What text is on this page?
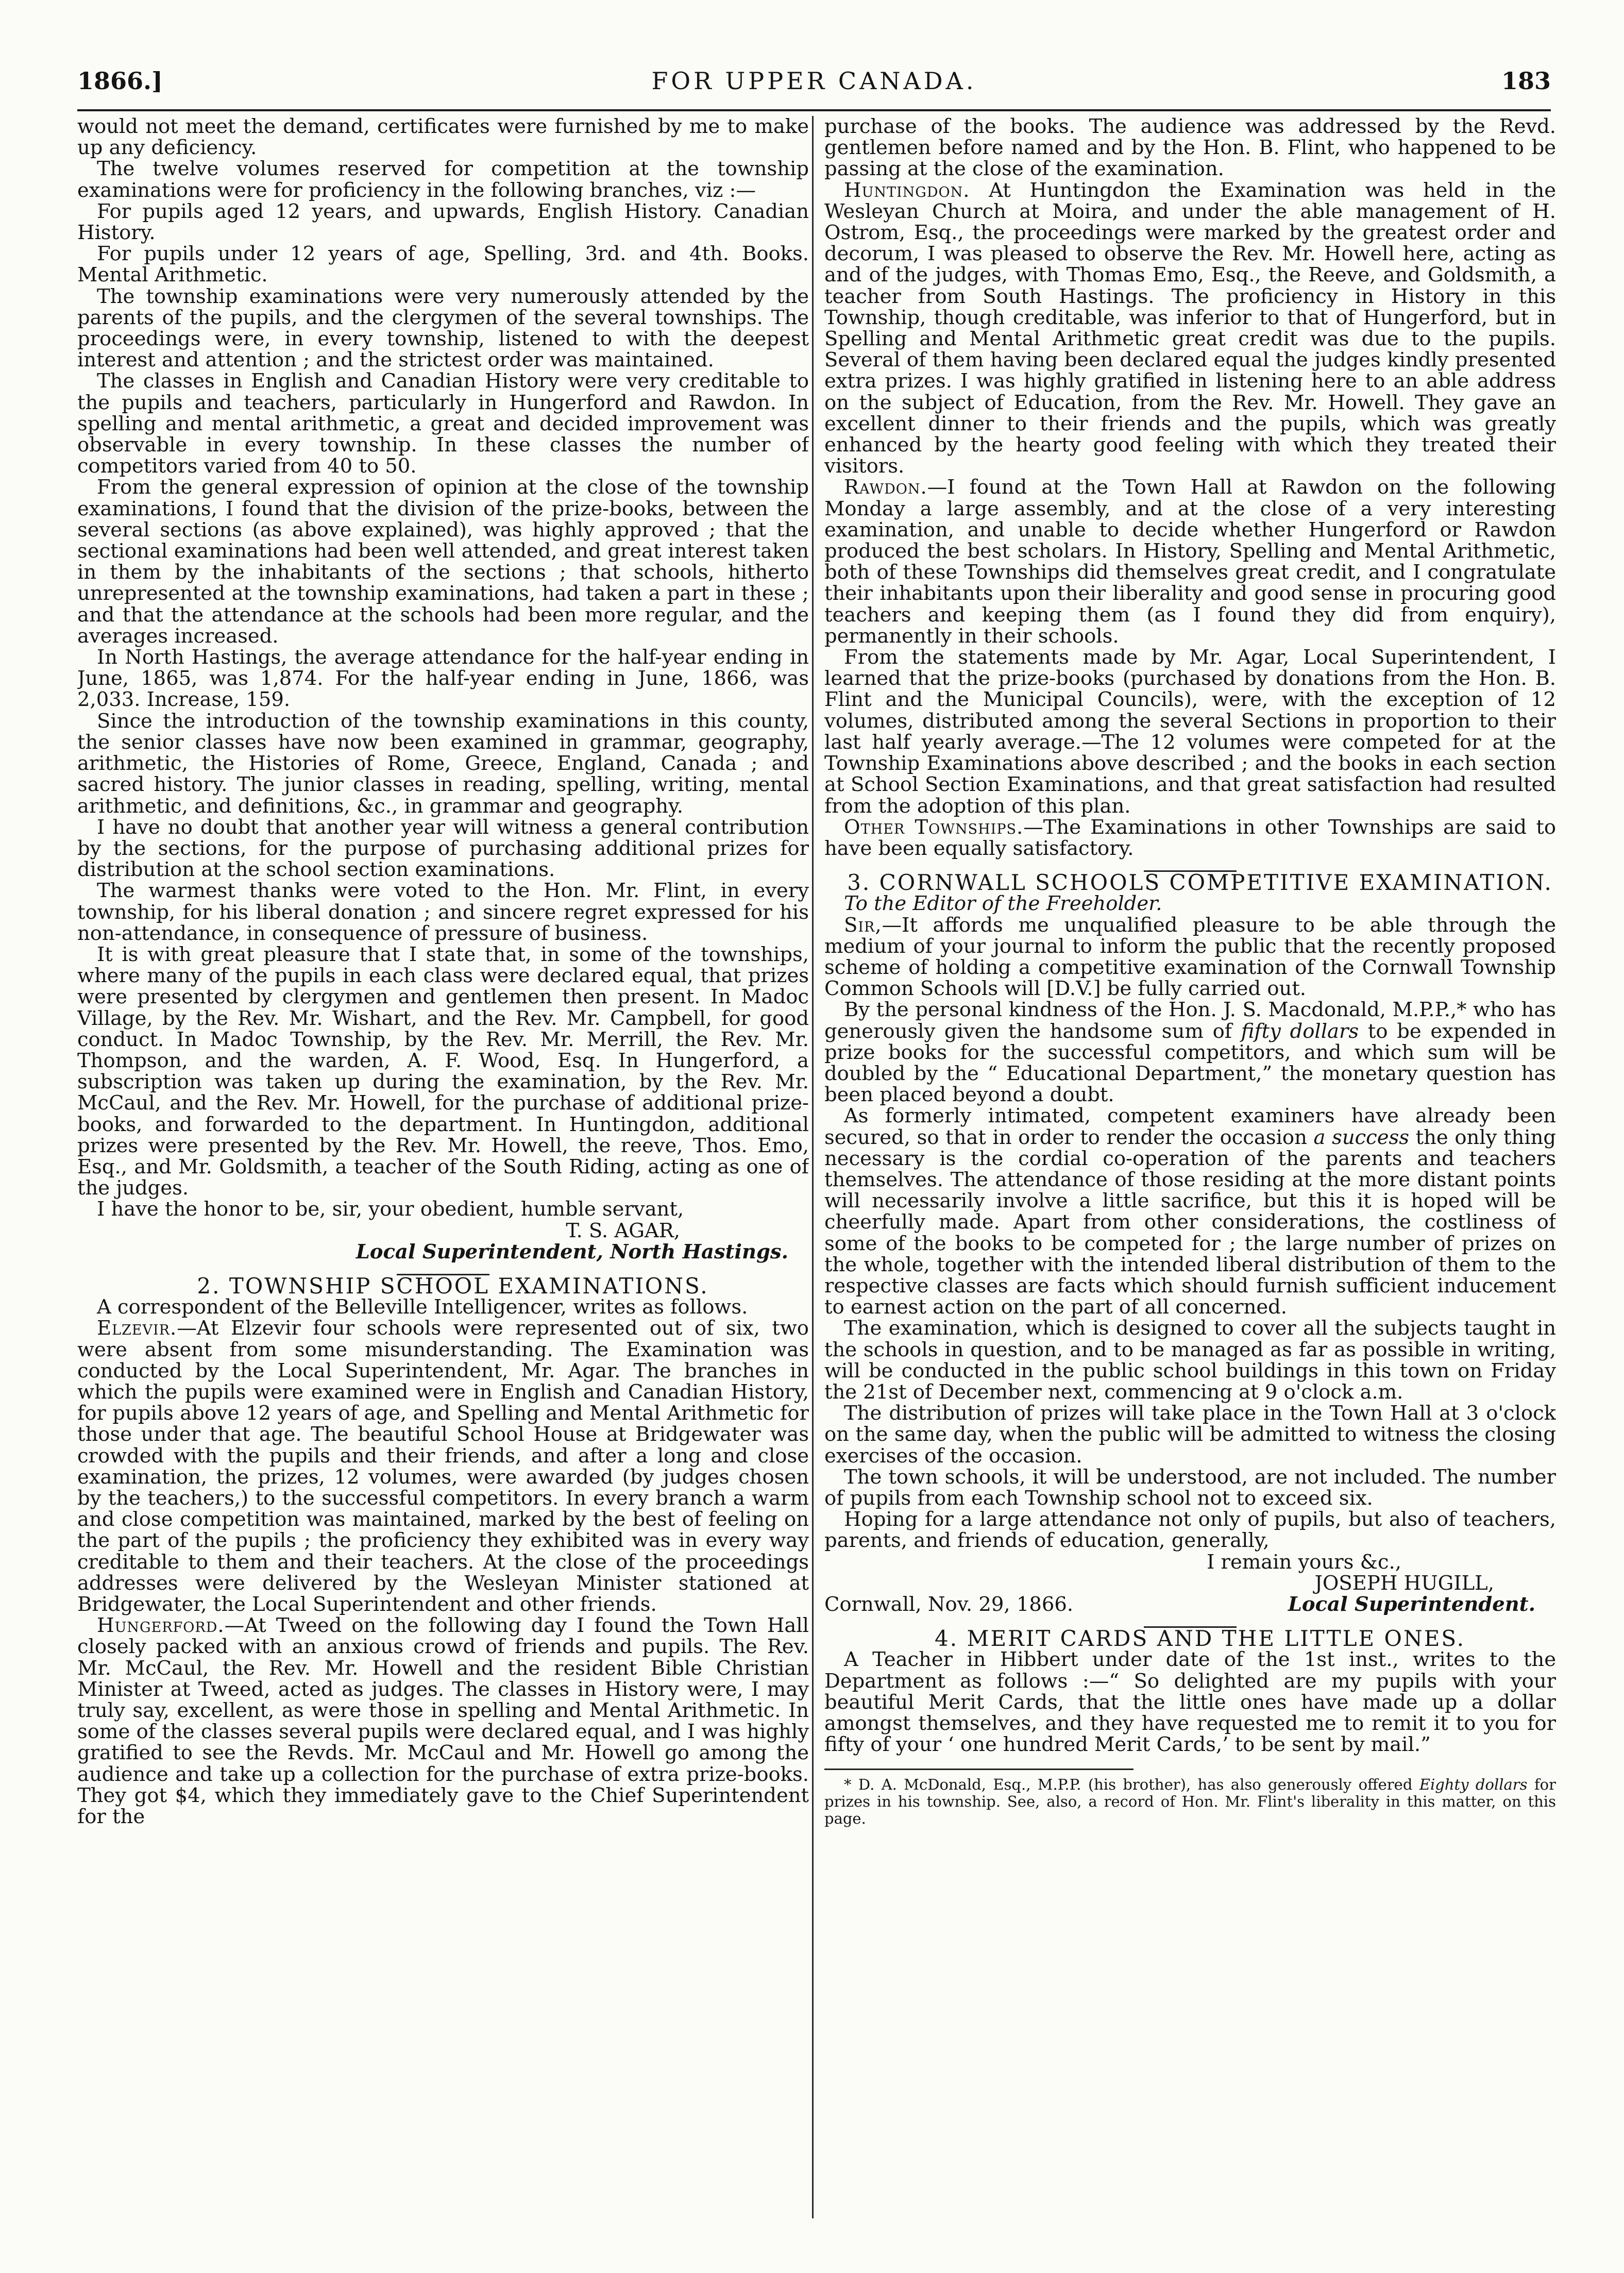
1866.]	FOR UPPER CANADA.	183

would not meet the demand, certificates were furnished by me to make up any deficiency.

The twelve volumes reserved for competition at the township examinations were for proficiency in the following branches, viz :—

For pupils aged 12 years, and upwards, English History. Canadian History.

For pupils under 12 years of age, Spelling, 3rd. and 4th. Books. Mental Arithmetic.

The township examinations were very numerously attended by the parents of the pupils, and the clergymen of the several townships. The proceedings were, in every township, listened to with the deepest interest and attention ; and the strictest order was maintained.

The classes in English and Canadian History were very creditable to the pupils and teachers, particularly in Hungerford and Rawdon. In spelling and mental arithmetic, a great and decided improvement was observable in every township. In these classes the number of competitors varied from 40 to 50.

From the general expression of opinion at the close of the township examinations, I found that the division of the prize-books, between the several sections (as above explained), was highly approved ; that the sectional examinations had been well attended, and great interest taken in them by the inhabitants of the sections ; that schools, hitherto unrepresented at the township examinations, had taken a part in these ; and that the attendance at the schools had been more regular, and the averages increased.

In North Hastings, the average attendance for the half-year ending in June, 1865, was 1,874. For the half-year ending in June, 1866, was 2,033. Increase, 159.

Since the introduction of the township examinations in this county, the senior classes have now been examined in grammar, geography, arithmetic, the Histories of Rome, Greece, England, Canada ; and sacred history. The junior classes in reading, spelling, writing, mental arithmetic, and definitions, &c., in grammar and geography.

I have no doubt that another year will witness a general contribution by the sections, for the purpose of purchasing additional prizes for distribution at the school section examinations.

The warmest thanks were voted to the Hon. Mr. Flint, in every township, for his liberal donation ; and sincere regret expressed for his non-attendance, in consequence of pressure of business.

It is with great pleasure that I state that, in some of the townships, where many of the pupils in each class were declared equal, that prizes were presented by clergymen and gentlemen then present. In Madoc Village, by the Rev. Mr. Wishart, and the Rev. Mr. Campbell, for good conduct. In Madoc Township, by the Rev. Mr. Merrill, the Rev. Mr. Thompson, and the warden, A. F. Wood, Esq. In Hungerford, a subscription was taken up during the examination, by the Rev. Mr. McCaul, and the Rev. Mr. Howell, for the purchase of additional prize-books, and forwarded to the department. In Huntingdon, additional prizes were presented by the Rev. Mr. Howell, the reeve, Thos. Emo, Esq., and Mr. Goldsmith, a teacher of the South Riding, acting as one of the judges.

I have the honor to be, sir, your obedient, humble servant,

T. S. AGAR,

Local Superintendent, North Hastings.

2. TOWNSHIP SCHOOL EXAMINATIONS.

A correspondent of the Belleville Intelligencer, writes as follows.

Elzevir.—At Elzevir four schools were represented out of six, two were absent from some misunderstanding. The Examination was conducted by the Local Superintendent, Mr. Agar. The branches in which the pupils were examined were in English and Canadian History, for pupils above 12 years of age, and Spelling and Mental Arithmetic for those under that age. The beautiful School House at Bridgewater was crowded with the pupils and their friends, and after a long and close examination, the prizes, 12 volumes, were awarded (by judges chosen by the teachers,) to the successful competitors. In every branch a warm and close competition was maintained, marked by the best of feeling on the part of the pupils ; the proficiency they exhibited was in every way creditable to them and their teachers. At the close of the proceedings addresses were delivered by the Wesleyan Minister stationed at Bridgewater, the Local Superintendent and other friends.

Hungerford.—At Tweed on the following day I found the Town Hall closely packed with an anxious crowd of friends and pupils. The Rev. Mr. McCaul, the Rev. Mr. Howell and the resident Bible Christian Minister at Tweed, acted as judges. The classes in History were, I may truly say, excellent, as were those in spelling and Mental Arithmetic. In some of the classes several pupils were declared equal, and I was highly gratified to see the Revds. Mr. McCaul and Mr. Howell go among the audience and take up a collection for the purchase of extra prize-books. They got $4, which they immediately gave to the Chief Superintendent for the

purchase of the books. The audience was addressed by the Revd. gentlemen before named and by the Hon. B. Flint, who happened to be passing at the close of the examination.

Huntingdon. At Huntingdon the Examination was held in the Wesleyan Church at Moira, and under the able management of H. Ostrom, Esq., the proceedings were marked by the greatest order and decorum, I was pleased to observe the Rev. Mr. Howell here, acting as and of the judges, with Thomas Emo, Esq., the Reeve, and Goldsmith, a teacher from South Hastings. The proficiency in History in this Township, though creditable, was inferior to that of Hungerford, but in Spelling and Mental Arithmetic great credit was due to the pupils. Several of them having been declared equal the judges kindly presented extra prizes. I was highly gratified in listening here to an able address on the subject of Education, from the Rev. Mr. Howell. They gave an excellent dinner to their friends and the pupils, which was greatly enhanced by the hearty good feeling with which they treated their visitors.

Rawdon.—I found at the Town Hall at Rawdon on the following Monday a large assembly, and at the close of a very interesting examination, and unable to decide whether Hungerford or Rawdon produced the best scholars. In History, Spelling and Mental Arithmetic, both of these Townships did themselves great credit, and I congratulate their inhabitants upon their liberality and good sense in procuring good teachers and keeping them (as I found they did from enquiry), permanently in their schools.

From the statements made by Mr. Agar, Local Superintendent, I learned that the prize-books (purchased by donations from the Hon. B. Flint and the Municipal Councils), were, with the exception of 12 volumes, distributed among the several Sections in proportion to their last half yearly average.—The 12 volumes were competed for at the Township Examinations above described ; and the books in each section at School Section Examinations, and that great satisfaction had resulted from the adoption of this plan.

Other Townships.—The Examinations in other Townships are said to have been equally satisfactory.

3. CORNWALL SCHOOLS COMPETITIVE EXAMINATION.

To the Editor of the Freeholder.

Sir,—It affords me unqualified pleasure to be able through the medium of your journal to inform the public that the recently proposed scheme of holding a competitive examination of the Cornwall Township Common Schools will [D.V.] be fully carried out.

By the personal kindness of the Hon. J. S. Macdonald, M.P.P.,* who has generously given the handsome sum of fifty dollars to be expended in prize books for the successful competitors, and which sum will be doubled by the “ Educational Department,” the monetary question has been placed beyond a doubt.

As formerly intimated, competent examiners have already been secured, so that in order to render the occasion a success the only thing necessary is the cordial co-operation of the parents and teachers themselves. The attendance of those residing at the more distant points will necessarily involve a little sacrifice, but this it is hoped will be cheerfully made. Apart from other considerations, the costliness of some of the books to be competed for ; the large number of prizes on the whole, together with the intended liberal distribution of them to the respective classes are facts which should furnish sufficient inducement to earnest action on the part of all concerned.

The examination, which is designed to cover all the subjects taught in the schools in question, and to be managed as far as possible in writing, will be conducted in the public school buildings in this town on Friday the 21st of December next, commencing at 9 o'clock a.m.

The distribution of prizes will take place in the Town Hall at 3 o'clock on the same day, when the public will be admitted to witness the closing exercises of the occasion.

The town schools, it will be understood, are not included. The number of pupils from each Township school not to exceed six.

Hoping for a large attendance not only of pupils, but also of teachers, parents, and friends of education, generally,

I remain yours &c.,

JOSEPH HUGILL,

Cornwall, Nov. 29, 1866.	Local Superintendent.

4. MERIT CARDS AND THE LITTLE ONES.

A Teacher in Hibbert under date of the 1st inst., writes to the Department as follows :—“ So delighted are my pupils with your beautiful Merit Cards, that the little ones have made up a dollar amongst themselves, and they have requested me to remit it to you for fifty of your ‘ one hundred Merit Cards,’ to be sent by mail.”

* D. A. McDonald, Esq., M.P.P. (his brother), has also generously offered Eighty dollars for prizes in his township. See, also, a record of Hon. Mr. Flint's liberality in this matter, on this page.
